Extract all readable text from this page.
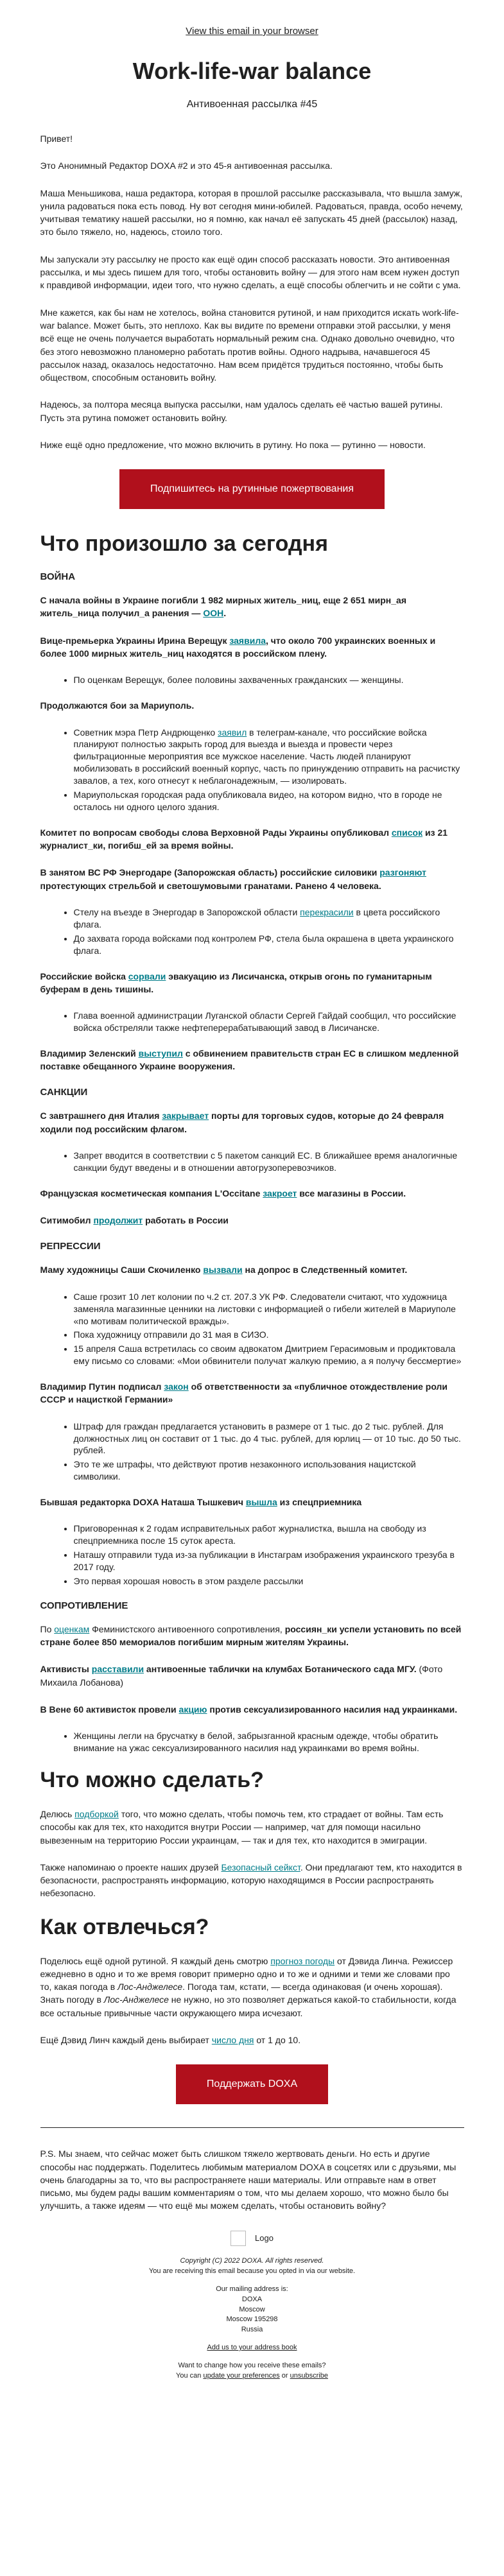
View this email in your browser
Work-life-war balance
Антивоенная рассылка #45

Привет!

Это Анонимный Редактор DOXA #2 и это 45-я антивоенная рассылка.

Маша Меньшикова, наша редактора, которая в прошлой рассылке рассказывала, что вышла замуж, унила радоваться пока есть повод. Ну вот сегодня мини-юбилей. Радоваться, правда, особо нечему, учитывая тематику нашей рассылки, но я помню, как начал её запускать 45 дней (рассылок) назад, это было тяжело, но, надеюсь, стоило того.

Мы запускали эту рассылку не просто как ещё один способ рассказать новости. Это антивоенная рассылка, и мы здесь пишем для того, чтобы остановить войну — для этого нам всем нужен доступ к правдивой информации, идеи того, что нужно сделать, а ещё способы облегчить и не сойти с ума.

Мне кажется, как бы нам не хотелось, война становится рутиной, и нам приходится искать work-life-war balance. Может быть, это неплохо. Как вы видите по времени отправки этой рассылки, у меня всё еще не очень получается выработать нормальный режим сна. Однако довольно очевидно, что без этого невозможно планомерно работать против войны. Одного надрыва, начавшегося 45 рассылок назад, оказалось недостаточно. Нам всем придётся трудиться постоянно, чтобы быть обществом, способным остановить войну.

Надеюсь, за полтора месяца выпуска рассылки, нам удалось сделать её частью вашей рутины. Пусть эта рутина поможет остановить войну.

Ниже ещё одно предложение, что можно включить в рутину. Но пока — рутинно — новости.

Подпишитесь на рутинные пожертвования
Что произошло за сегодня
ВОЙНА

С начала войны в Украине погибли 1 982 мирных житель_ниц, еще 2 651 мирн_ая житель_ница получил_а ранения — ООН.

Вице-премьерка Украины Ирина Верещук заявила, что около 700 украинских военных и более 1000 мирных житель_ниц находятся в российском плену.

• По оценкам Верещук, более половины захваченных гражданских — женщины.

Продолжаются бои за Мариуполь.

• Советник мэра Петр Андрющенко заявил в телеграм-канале, что российские войска планируют полностью закрыть город для выезда и выезда и провести через фильтрационные мероприятия все мужское население. Часть людей планируют мобилизовать в российский военный корпус, часть по принуждению отправить на расчистку завалов, а тех, кого отнесут к неблагонадежным, — изолировать.
• Мариупольская городская рада опубликовала видео, на котором видно, что в городе не осталось ни одного целого здания.

Комитет по вопросам свободы слова Верховной Рады Украины опубликовал список из 21 журналист_ки, погибш_ей за время войны.

В занятом ВС РФ Энергодаре (Запорожская область) российские силовики разгоняют протестующих стрельбой и светошумовыми гранатами. Ранено 4 человека.

• Стелу на въезде в Энергодар в Запорожской области перекрасили в цвета российского флага.
• До захвата города войсками под контролем РФ, стела была окрашена в цвета украинского флага.

Российские войска сорвали эвакуацию из Лисичанска, открыв огонь по гуманитарным буферам в день тишины.

• Глава военной администрации Луганской области Сергей Гайдай сообщил, что российские войска обстреляли также нефтеперерабатывающий завод в Лисичанске.

Владимир Зеленский выступил с обвинением правительств стран ЕС в слишком медленной поставке обещанного Украине вооружения.

САНКЦИИ

С завтрашнего дня Италия закрывает порты для торговых судов, которые до 24 февраля ходили под российским флагом.

• Запрет вводится в соответствии с 5 пакетом санкций ЕС. В ближайшее время аналогичные санкции будут введены и в отношении автогрузоперевозчиков.

Французская косметическая компания L'Occitane закроет все магазины в России.

Ситимобил продолжит работать в России

РЕПРЕССИИ

Маму художницы Саши Скочиленко вызвали на допрос в Следственный комитет.

• Саше грозит 10 лет колонии по ч.2 ст. 207.3 УК РФ. Следователи считают, что художница заменяла магазинные ценники на листовки с информацией о гибели жителей в Мариуполе «по мотивам политической вражды».
• Пока художницу отправили до 31 мая в СИЗО.
• 15 апреля Саша встретилась со своим адвокатом Дмитрием Герасимовым и продиктовала ему письмо со словами: «Мои обвинители получат жалкую премию, а я получу бессмертие»

Владимир Путин подписал закон об ответственности за «публичное отождествление роли СССР и нацисткой Германии»

• Штраф для граждан предлагается установить в размере от 1 тыс. до 2 тыс. рублей. Для должностных лиц он составит от 1 тыс. до 4 тыс. рублей, для юрлиц — от 10 тыс. до 50 тыс. рублей.
• Это те же штрафы, что действуют против незаконного использования нацистской символики.

Бывшая редакторка DOXA Наташа Тышкевич вышла из спецприемника

• Приговоренная к 2 годам исправительных работ журналистка, вышла на свободу из спецприемника после 15 суток ареста.
• Наташу отправили туда из-за публикации в Инстаграм изображения украинского трезуба в 2017 году.
• Это первая хорошая новость в этом разделе рассылки
СОПРОТИВЛЕНИЕ

По оценкам Феминистского антивоенного сопротивления, россиян_ки успели установить по всей стране более 850 мемориалов погибшим мирным жителям Украины.

Активисты расставили антивоенные таблички на клумбах Ботанического сада МГУ. (Фото Михаила Лобанова)

В Вене 60 активисток провели акцию против сексуализированного насилия над украинками.

• Женщины легли на брусчатку в белой, забрызганной красным одежде, чтобы обратить внимание на ужас сексуализированного насилия над украинками во время войны.
Что можно сделать?

Делюсь подборкой того, что можно сделать, чтобы помочь тем, кто страдает от войны. Там есть способы как для тех, кто находится внутри России — например, чат для помощи насильно вывезенным на территорию России украинцам, — так и для тех, кто находится в эмиграции.

Также напоминаю о проекте наших друзей Безопасный сейкст. Они предлагают тем, кто находится в безопасности, распространять информацию, которую находящимся в России распространять небезопасно.

Как отвлечься?

Поделюсь ещё одной рутиной. Я каждый день смотрю прогноз погоды от Дэвида Линча. Режиссер ежедневно в одно и то же время говорит примерно одно и то же и одними и теми же словами про то, какая погода в Лос-Анджелесе. Погода там, кстати, — всегда одинаковая (и очень хорошая). Знать погоду в Лос-Анджелесе не нужно, но это позволяет держаться какой-то стабильности, когда все остальные привычные части окружающего мира исчезают.

Ещё Дэвид Линч каждый день выбирает число дня от 1 до 10.

Поддержать DOXA

P.S. Мы знаем, что сейчас может быть слишком тяжело жертвовать деньги. Но есть и другие способы нас поддержать. Поделитесь любимым материалом DOXA в соцсетях или с друзьями, мы очень благодарны за то, что вы распространяете наши материалы. Или отправьте нам в ответ письмо, мы будем рады вашим комментариям о том, что мы делаем хорошо, что можно было бы улучшить, а также идеям — что ещё мы можем сделать, чтобы остановить войну?

Logo

Copyright (C) 2022 DOXA. All rights reserved.
You are receiving this email because you opted in via our website.

Our mailing address is:
DOXA
Moscow
Moscow 195298
Russia

Add us to your address book

Want to change how you receive these emails?
You can update your preferences or unsubscribe
